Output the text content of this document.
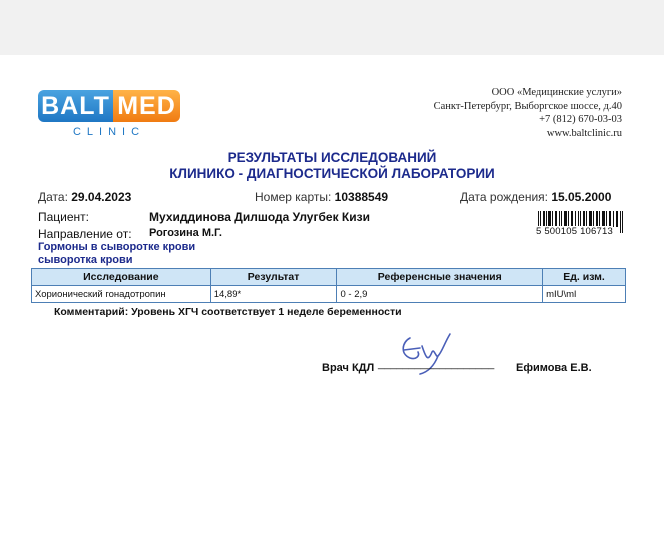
BALT MED
CLINIC
ООО «Медицинские услуги»
Санкт-Петербург, Выборгское шоссе, д.40
+7 (812) 670-03-03
www.baltclinic.ru
РЕЗУЛЬТАТЫ ИССЛЕДОВАНИЙ
КЛИНИКО - ДИАГНОСТИЧЕСКОЙ ЛАБОРАТОРИИ
Дата: 29.04.2023	Номер карты: 10388549	Дата рождения: 15.05.2000
Пациент:	Мухиддинова Дилшода Улугбек Кизи
Направление от: Рогозина М.Г.	5 500105 106713
Гормоны в сыворотке крови
сыворотка крови
Исследование	Результат	Референсные значения	Ед. изм.
Хорионический гонадотропин	14,89*	0 - 2,9	mIU\ml
Комментарий: Уровень ХГЧ соответствует 1 неделе беременности
Врач КДЛ ___________________ Ефимова Е.В.
